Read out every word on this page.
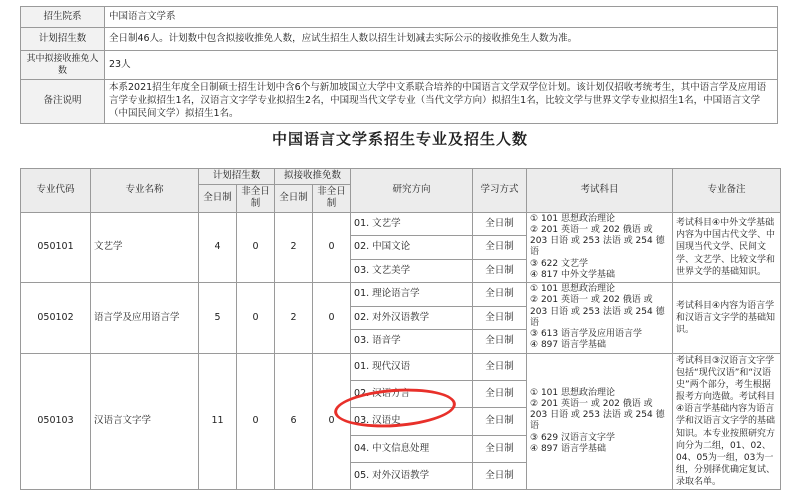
招生院系	中国语言文学系
计划招生数	全日制46人。计划数中包含拟接收推免人数，应试生招生人数以招生计划减去实际公示的接收推免生人数为准。
其中拟接收推免人数	23人
备注说明	本系2021招生年度全日制硕士招生计划中含6个与新加坡国立大学中文系联合培养的中国语言文学双学位计划。该计划仅招收考统考生，其中语言学及应用语言学专业拟招生1名，汉语言文字学专业拟招生2名，中国现当代文学专业（当代文学方向）拟招生1名，比较文学与世界文学专业拟招生1名，中国语言文学（中国民间文学）拟招生1名。
中国语言文学系招生专业及招生人数
专业代码	专业名称	计划招生数		拟接收推免数		研究方向	学习方式	考试科目	专业备注
		全日制	非全日制	全日制	非全日制				
050101	文艺学	4	0	2	0	01. 文艺学	全日制	① 101 思想政治理论
② 201 英语一 或 202 俄语 或 203 日语 或 253 法语 或 254 德语
③ 622 文艺学
④ 817 中外文学基础	考试科目④中外文学基础内容为中国古代文学、中国现当代文学、民间文学、文艺学、比较文学和世界文学的基础知识。
						02. 中国文论	全日制		
						03. 文艺美学	全日制		
050102	语言学及应用语言学	5	0	2	0	01. 理论语言学	全日制	① 101 思想政治理论
② 201 英语一 或 202 俄语 或 203 日语 或 253 法语 或 254 德语
③ 613 语言学及应用语言学
④ 897 语言学基础	考试科目④内容为语言学和汉语言文字学的基础知识。
						02. 对外汉语教学	全日制		
						03. 语音学	全日制		
050103	汉语言文字学	11	0	6	0	01. 现代汉语	全日制	① 101 思想政治理论
② 201 英语一 或 202 俄语 或 203 日语 或 253 法语 或 254 德语
③ 629 汉语言文字学
④ 897 语言学基础	考试科目③汉语言文字学包括“现代汉语”和“汉语史”两个部分，考生根据报考方向选做。考试科目④语言学基础内容为语言学和汉语言文字学的基础知识。本专业按照研究方向分为二组，01、02、04、05为一组，03为一组，分别择优确定复试、录取名单。
						02. 汉语方言	全日制		
						03. 汉语史	全日制		
						04. 中文信息处理	全日制		
						05. 对外汉语教学	全日制		
